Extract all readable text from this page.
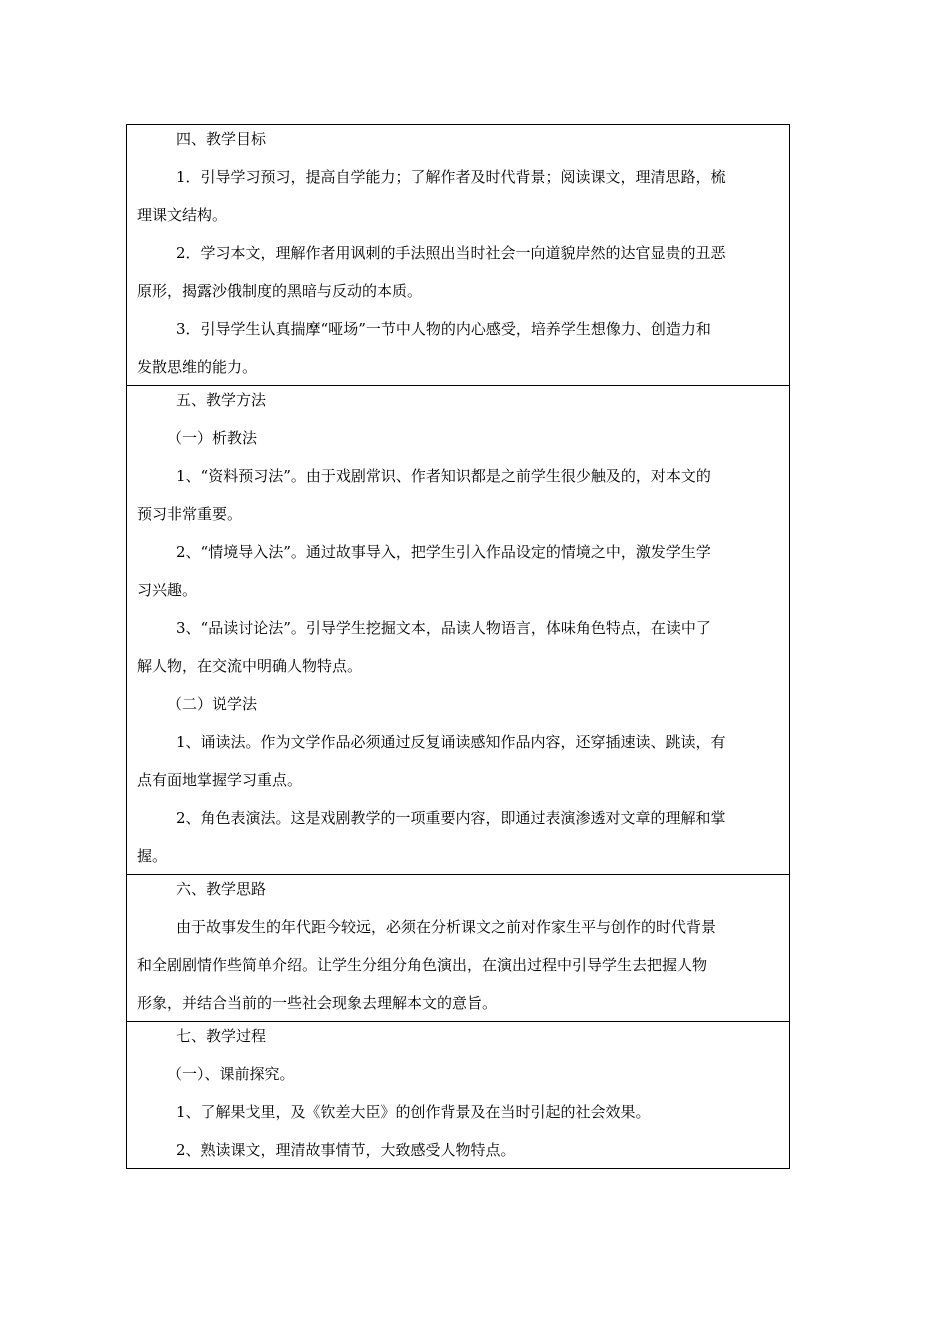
四、教学目标

1．引导学习预习，提高自学能力；了解作者及时代背景；阅读课文，理清思路，梳

理课文结构。

2．学习本文，理解作者用讽刺的手法照出当时社会一向道貌岸然的达官显贵的丑恶

原形，揭露沙俄制度的黑暗与反动的本质。

3．引导学生认真揣摩“哑场”一节中人物的内心感受，培养学生想像力、创造力和

发散思维的能力。

五、教学方法

（一）析教法

1、“资料预习法”。由于戏剧常识、作者知识都是之前学生很少触及的，对本文的

预习非常重要。

2、“情境导入法”。通过故事导入，把学生引入作品设定的情境之中，激发学生学

习兴趣。

3、“品读讨论法”。引导学生挖掘文本，品读人物语言，体味角色特点，在读中了

解人物，在交流中明确人物特点。

（二）说学法

1、诵读法。作为文学作品必须通过反复诵读感知作品内容，还穿插速读、跳读，有

点有面地掌握学习重点。

2、角色表演法。这是戏剧教学的一项重要内容，即通过表演渗透对文章的理解和掌

握。

六、教学思路

由于故事发生的年代距今较远，必须在分析课文之前对作家生平与创作的时代背景

和全剧剧情作些简单介绍。让学生分组分角色演出，在演出过程中引导学生去把握人物

形象，并结合当前的一些社会现象去理解本文的意旨。

七、教学过程

（一）、课前探究。

1、了解果戈里，及《钦差大臣》的创作背景及在当时引起的社会效果。

2、熟读课文，理清故事情节，大致感受人物特点。
